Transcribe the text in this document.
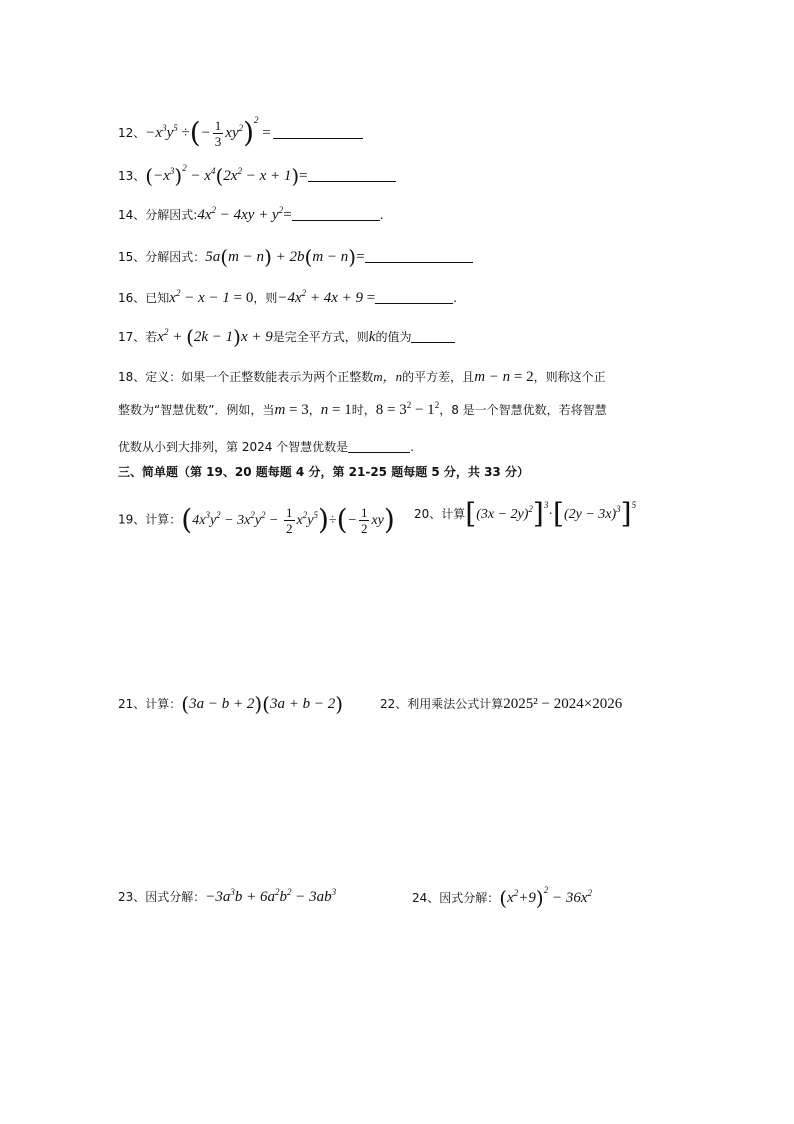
12、$-x^3y^5$ ÷(− $\frac{1}{3} xy^2)^2$ =
13、$(-x^3)^2 - x^4(2x^2 - x + 1)=$
14、分解因式$:4x^2 - 4xy + y^2=$	.
15、分解因式：5a(m − n) + 2b(m − n)=
16、已知$x^2 - x - 1 = 0$，则$-4x^2 + 4x + 9$ =	.
17、若$x^2 + (2k - 1)x + 9$是完全平方式，则k的值为
18、定义：如果一个正整数能表示为两个正整数m，n的平方差，且m − n = 2，则称这个正
整数为“智慧优数”．例如，当m = 3，n = 1时，$8 = 3^2 - 1^2$，8 是一个智慧优数，若将智慧
优数从小到大排列，第 2024 个智慧优数是	.
三、简单题（第 19、20 题每题 4 分，第 21-25 题每题 5 分，共 33 分）
19、计算：$(4x^3y^2 - 3x^2y^2 - \frac{1}{2} x^2y^5)\div(- \frac{1}{2} xy)$ 20、计算$[(3x - 2y)^2]^3\cdot[(2y - 3x)^3]^5$
21、计算：(3a − b + 2)(3a + b − 2)	22、利用乘法公式计算2025² − 2024×2026
23、因式分解：$-3a^3b + 6a^2b^2 - 3ab^3$	24、因式分解：$(x^2+9)^2 - 36x^2$
